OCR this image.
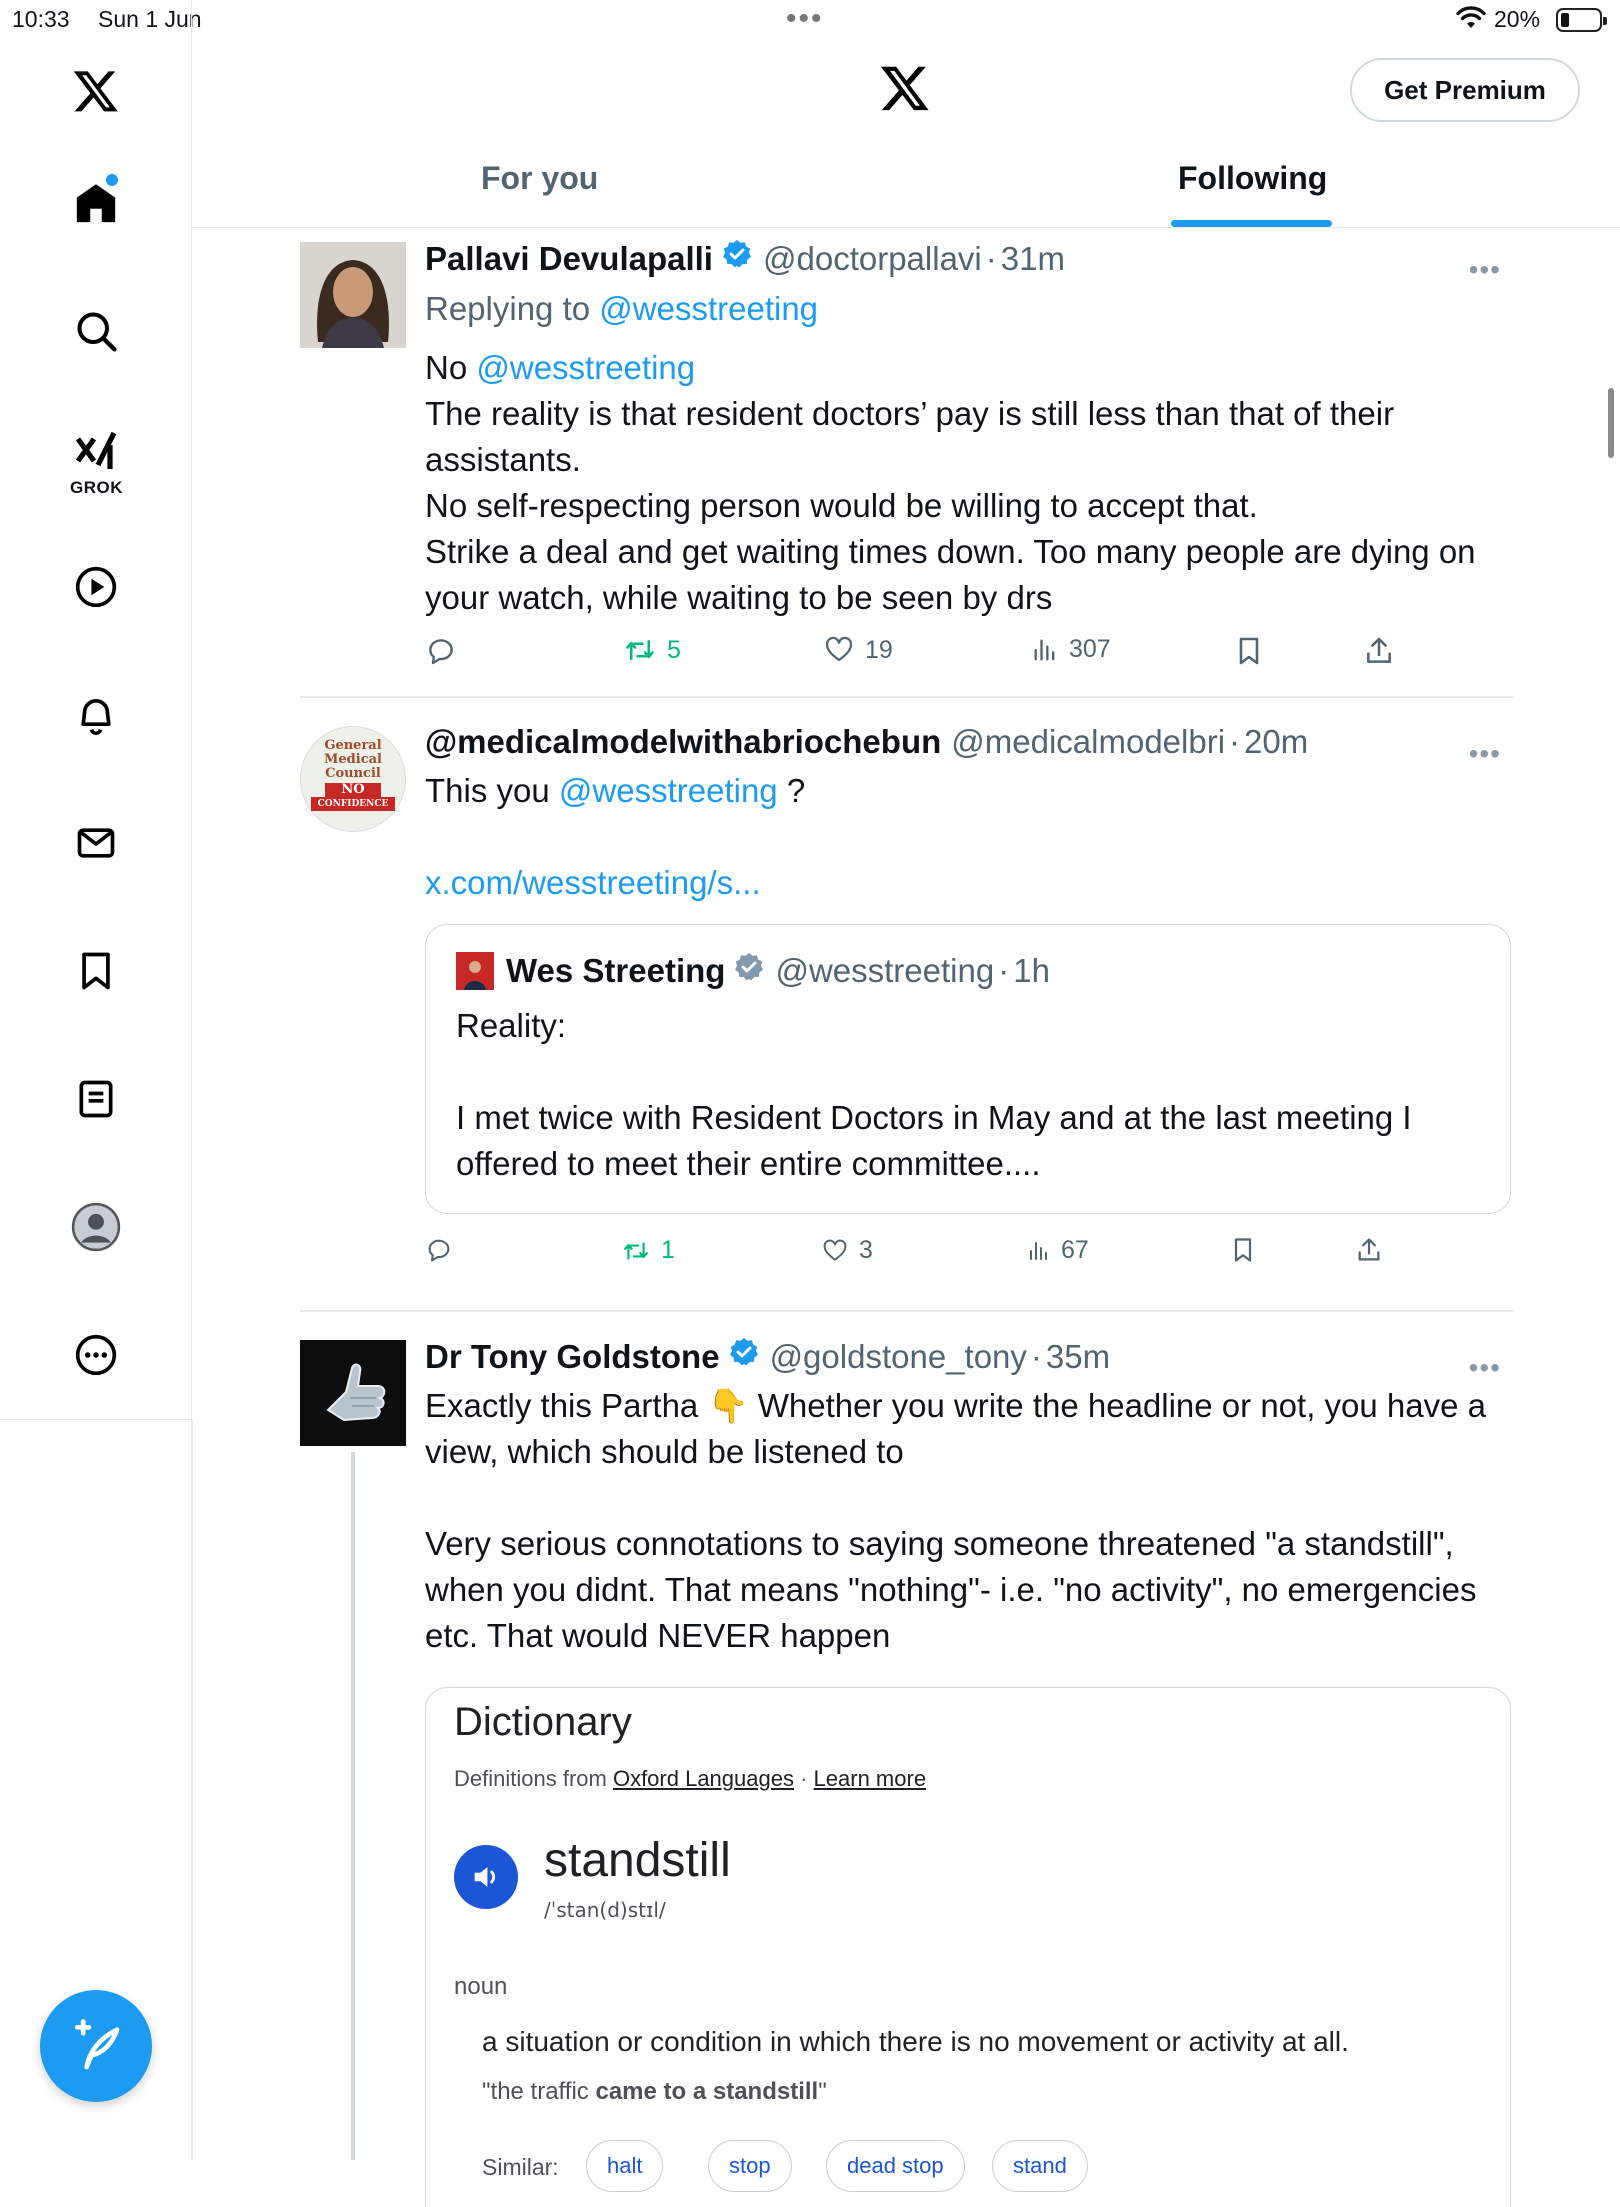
10:33 Sun 1 Jun	•••	20%
GROK
Get Premium
For you	Following
•••
Pallavi Devulapalli @doctorpallavi · 31m
Replying to @wesstreeting
No @wesstreeting
The reality is that resident doctors’ pay is still less than that of their assistants.
No self-respecting person would be willing to accept that.
Strike a deal and get waiting times down. Too many people are dying on your watch, while waiting to be seen by drs
5	19	307
General
Medical
Council
NO
CONFIDENCE
•••
@medicalmodelwithabriochebun @medicalmodelbri · 20m
This you @wesstreeting ?
x.com/wesstreeting/s...
Wes Streeting @wesstreeting · 1h
Reality:
I met twice with Resident Doctors in May and at the last meeting I offered to meet their entire committee....
1	3	67
•••
Dr Tony Goldstone @goldstone_tony · 35m
Exactly this Partha 👇 Whether you write the headline or not, you have a view, which should be listened to
Very serious connotations to saying someone threatened "a standstill", when you didnt. That means "nothing"- i.e. "no activity", no emergencies etc. That would NEVER happen
Dictionary
Definitions from Oxford Languages · Learn more
standstill
/ˈstan(d)stɪl/
noun
a situation or condition in which there is no movement or activity at all.
"the traffic came to a standstill"
Similar:	halt	stop	dead stop	stand
